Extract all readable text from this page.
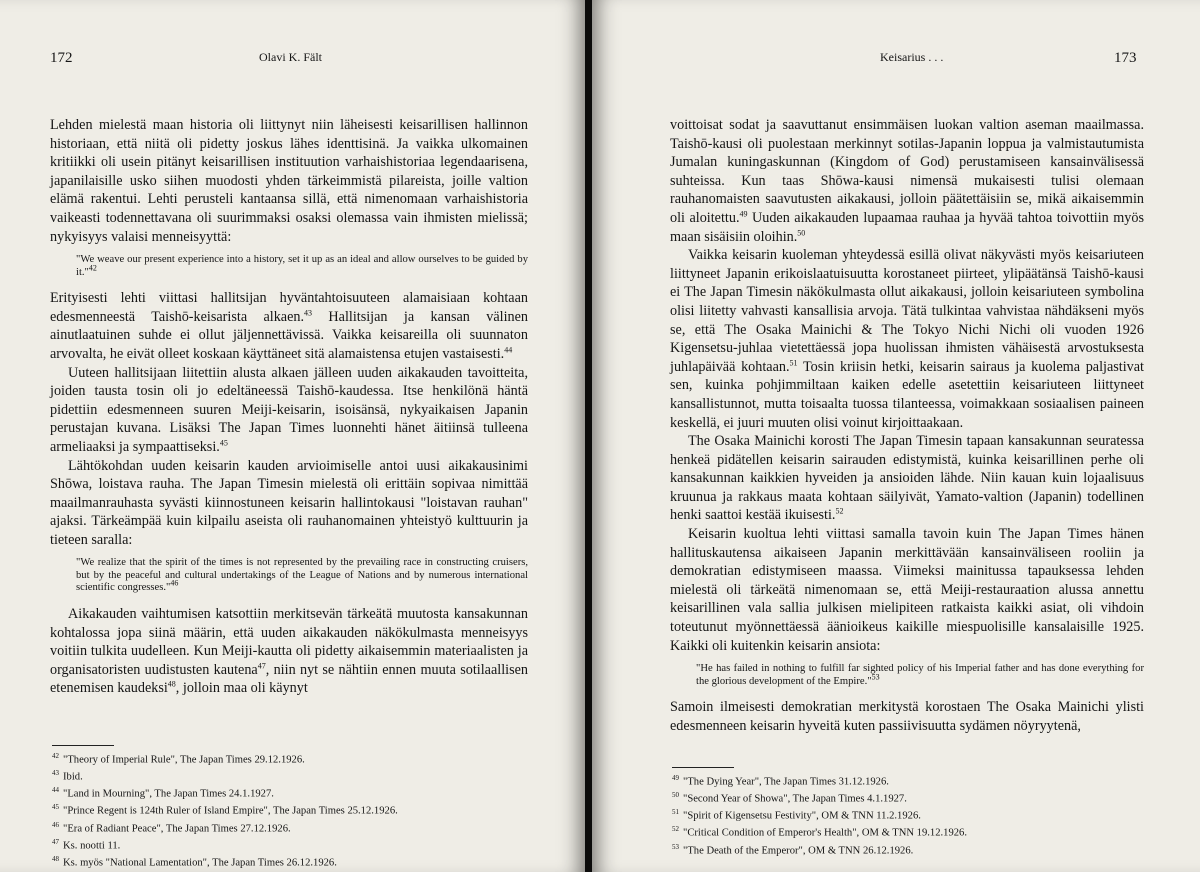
172	Olavi K. Fält

Lehden mielestä maan historia oli liittynyt niin läheisesti keisarillisen hallinnon historiaan, että niitä oli pidetty joskus lähes identtisinä. Ja vaikka ulkomainen kritiikki oli usein pitänyt keisarillisen instituution varhaishistoriaa legendaarisena, japanilaisille usko siihen muodosti yhden tärkeimmistä pilareista, joille valtion elämä rakentui. Lehti perusteli kantaansa sillä, että nimenomaan varhaishistoria vaikeasti todennettavana oli suurimmaksi osaksi olemassa vain ihmisten mielissä; nykyisyys valaisi menneisyyttä:

"We weave our present experience into a history, set it up as an ideal and allow ourselves to be guided by it."$^{42}$

Erityisesti lehti viittasi hallitsijan hyväntahtoisuuteen alamaisiaan kohtaan edesmenneestä Taishō-keisarista alkaen.$^{43}$ Hallitsijan ja kansan välinen ainutlaatuinen suhde ei ollut jäljennettävissä. Vaikka keisareilla oli suunnaton arvovalta, he eivät olleet koskaan käyttäneet sitä alamaistensa etujen vastaisesti.$^{44}$

Uuteen hallitsijaan liitettiin alusta alkaen jälleen uuden aikakauden tavoitteita, joiden tausta tosin oli jo edeltäneessä Taishō-kaudessa. Itse henkilönä häntä pidettiin edesmenneen suuren Meiji-keisarin, isoisänsä, nykyaikaisen Japanin perustajan kuvana. Lisäksi The Japan Times luonnehti hänet äitiinsä tulleena armeliaaksi ja sympaattiseksi.$^{45}$

Lähtökohdan uuden keisarin kauden arvioimiselle antoi uusi aikakausinimi Shōwa, loistava rauha. The Japan Timesin mielestä oli erittäin sopivaa nimittää maailmanrauhasta syvästi kiinnostuneen keisarin hallintokausi "loistavan rauhan" ajaksi. Tärkeämpää kuin kilpailu aseista oli rauhanomainen yhteistyö kulttuurin ja tieteen saralla:

"We realize that the spirit of the times is not represented by the prevailing race in constructing cruisers, but by the peaceful and cultural undertakings of the League of Nations and by numerous international scientific congresses."$^{46}$

Aikakauden vaihtumisen katsottiin merkitsevän tärkeätä muutosta kansakunnan kohtalossa jopa siinä määrin, että uuden aikakauden näkökulmasta menneisyys voitiin tulkita uudelleen. Kun Meiji-kautta oli pidetty aikaisemmin materiaalisten ja organisatoristen uudistusten kautena$^{47}$, niin nyt se nähtiin ennen muuta sotilaallisen etenemisen kaudeksi$^{48}$, jolloin maa oli käynyt

$^{42}$ "Theory of Imperial Rule", The Japan Times 29.12.1926.
$^{43}$ Ibid.
$^{44}$ "Land in Mourning", The Japan Times 24.1.1927.
$^{45}$ "Prince Regent is 124th Ruler of Island Empire", The Japan Times 25.12.1926.
$^{46}$ "Era of Radiant Peace", The Japan Times 27.12.1926.
$^{47}$ Ks. nootti 11.
$^{48}$ Ks. myös "National Lamentation", The Japan Times 26.12.1926.
Keisarius . . .	173

voittoisat sodat ja saavuttanut ensimmäisen luokan valtion aseman maailmassa. Taishō-kausi oli puolestaan merkinnyt sotilas-Japanin loppua ja valmistautumista Jumalan kuningaskunnan (Kingdom of God) perustamiseen kansainvälisessä suhteissa. Kun taas Shōwa-kausi nimensä mukaisesti tulisi olemaan rauhanomaisten saavutusten aikakausi, jolloin päätettäisiin se, mikä aikaisemmin oli aloitettu.$^{49}$ Uuden aikakauden lupaamaa rauhaa ja hyvää tahtoa toivottiin myös maan sisäisiin oloihin.$^{50}$

Vaikka keisarin kuoleman yhteydessä esillä olivat näkyvästi myös keisariuteen liittyneet Japanin erikoislaatuisuutta korostaneet piirteet, ylipäätänsä Taishō-kausi ei The Japan Timesin näkökulmasta ollut aikakausi, jolloin keisariuteen symbolina olisi liitetty vahvasti kansallisia arvoja. Tätä tulkintaa vahvistaa nähdäkseni myös se, että The Osaka Mainichi & The Tokyo Nichi Nichi oli vuoden 1926 Kigensetsu-juhlaa vietettäessä jopa huolissan ihmisten vähäisestä arvostuksesta juhlapäivää kohtaan.$^{51}$ Tosin kriisin hetki, keisarin sairaus ja kuolema paljastivat sen, kuinka pohjimmiltaan kaiken edelle asetettiin keisariuteen liittyneet kansallistunnot, mutta toisaalta tuossa tilanteessa, voimakkaan sosiaalisen paineen keskellä, ei juuri muuten olisi voinut kirjoittaakaan.

The Osaka Mainichi korosti The Japan Timesin tapaan kansakunnan seuratessa henkeä pidätellen keisarin sairauden edistymistä, kuinka keisarillinen perhe oli kansakunnan kaikkien hyveiden ja ansioiden lähde. Niin kauan kuin lojaalisuus kruunua ja rakkaus maata kohtaan säilyivät, Yamato-valtion (Japanin) todellinen henki saattoi kestää ikuisesti.$^{52}$

Keisarin kuoltua lehti viittasi samalla tavoin kuin The Japan Times hänen hallituskautensa aikaiseen Japanin merkittävään kansainväliseen rooliin ja demokratian edistymiseen maassa. Viimeksi mainitussa tapauksessa lehden mielestä oli tärkeätä nimenomaan se, että Meiji-restauraation alussa annettu keisarillinen vala sallia julkisen mielipiteen ratkaista kaikki asiat, oli vihdoin toteutunut myönnettäessä äänioikeus kaikille miespuolisille kansalaisille 1925. Kaikki oli kuitenkin keisarin ansiota:

"He has failed in nothing to fulfill far sighted policy of his Imperial father and has done everything for the glorious development of the Empire."$^{53}$

Samoin ilmeisesti demokratian merkitystä korostaen The Osaka Mainichi ylisti edesmenneen keisarin hyveitä kuten passiivisuutta sydämen nöyryytenä,

$^{49}$ "The Dying Year", The Japan Times 31.12.1926.
$^{50}$ "Second Year of Showa", The Japan Times 4.1.1927.
$^{51}$ "Spirit of Kigensetsu Festivity", OM & TNN 11.2.1926.
$^{52}$ "Critical Condition of Emperor's Health", OM & TNN 19.12.1926.
$^{53}$ "The Death of the Emperor", OM & TNN 26.12.1926.
